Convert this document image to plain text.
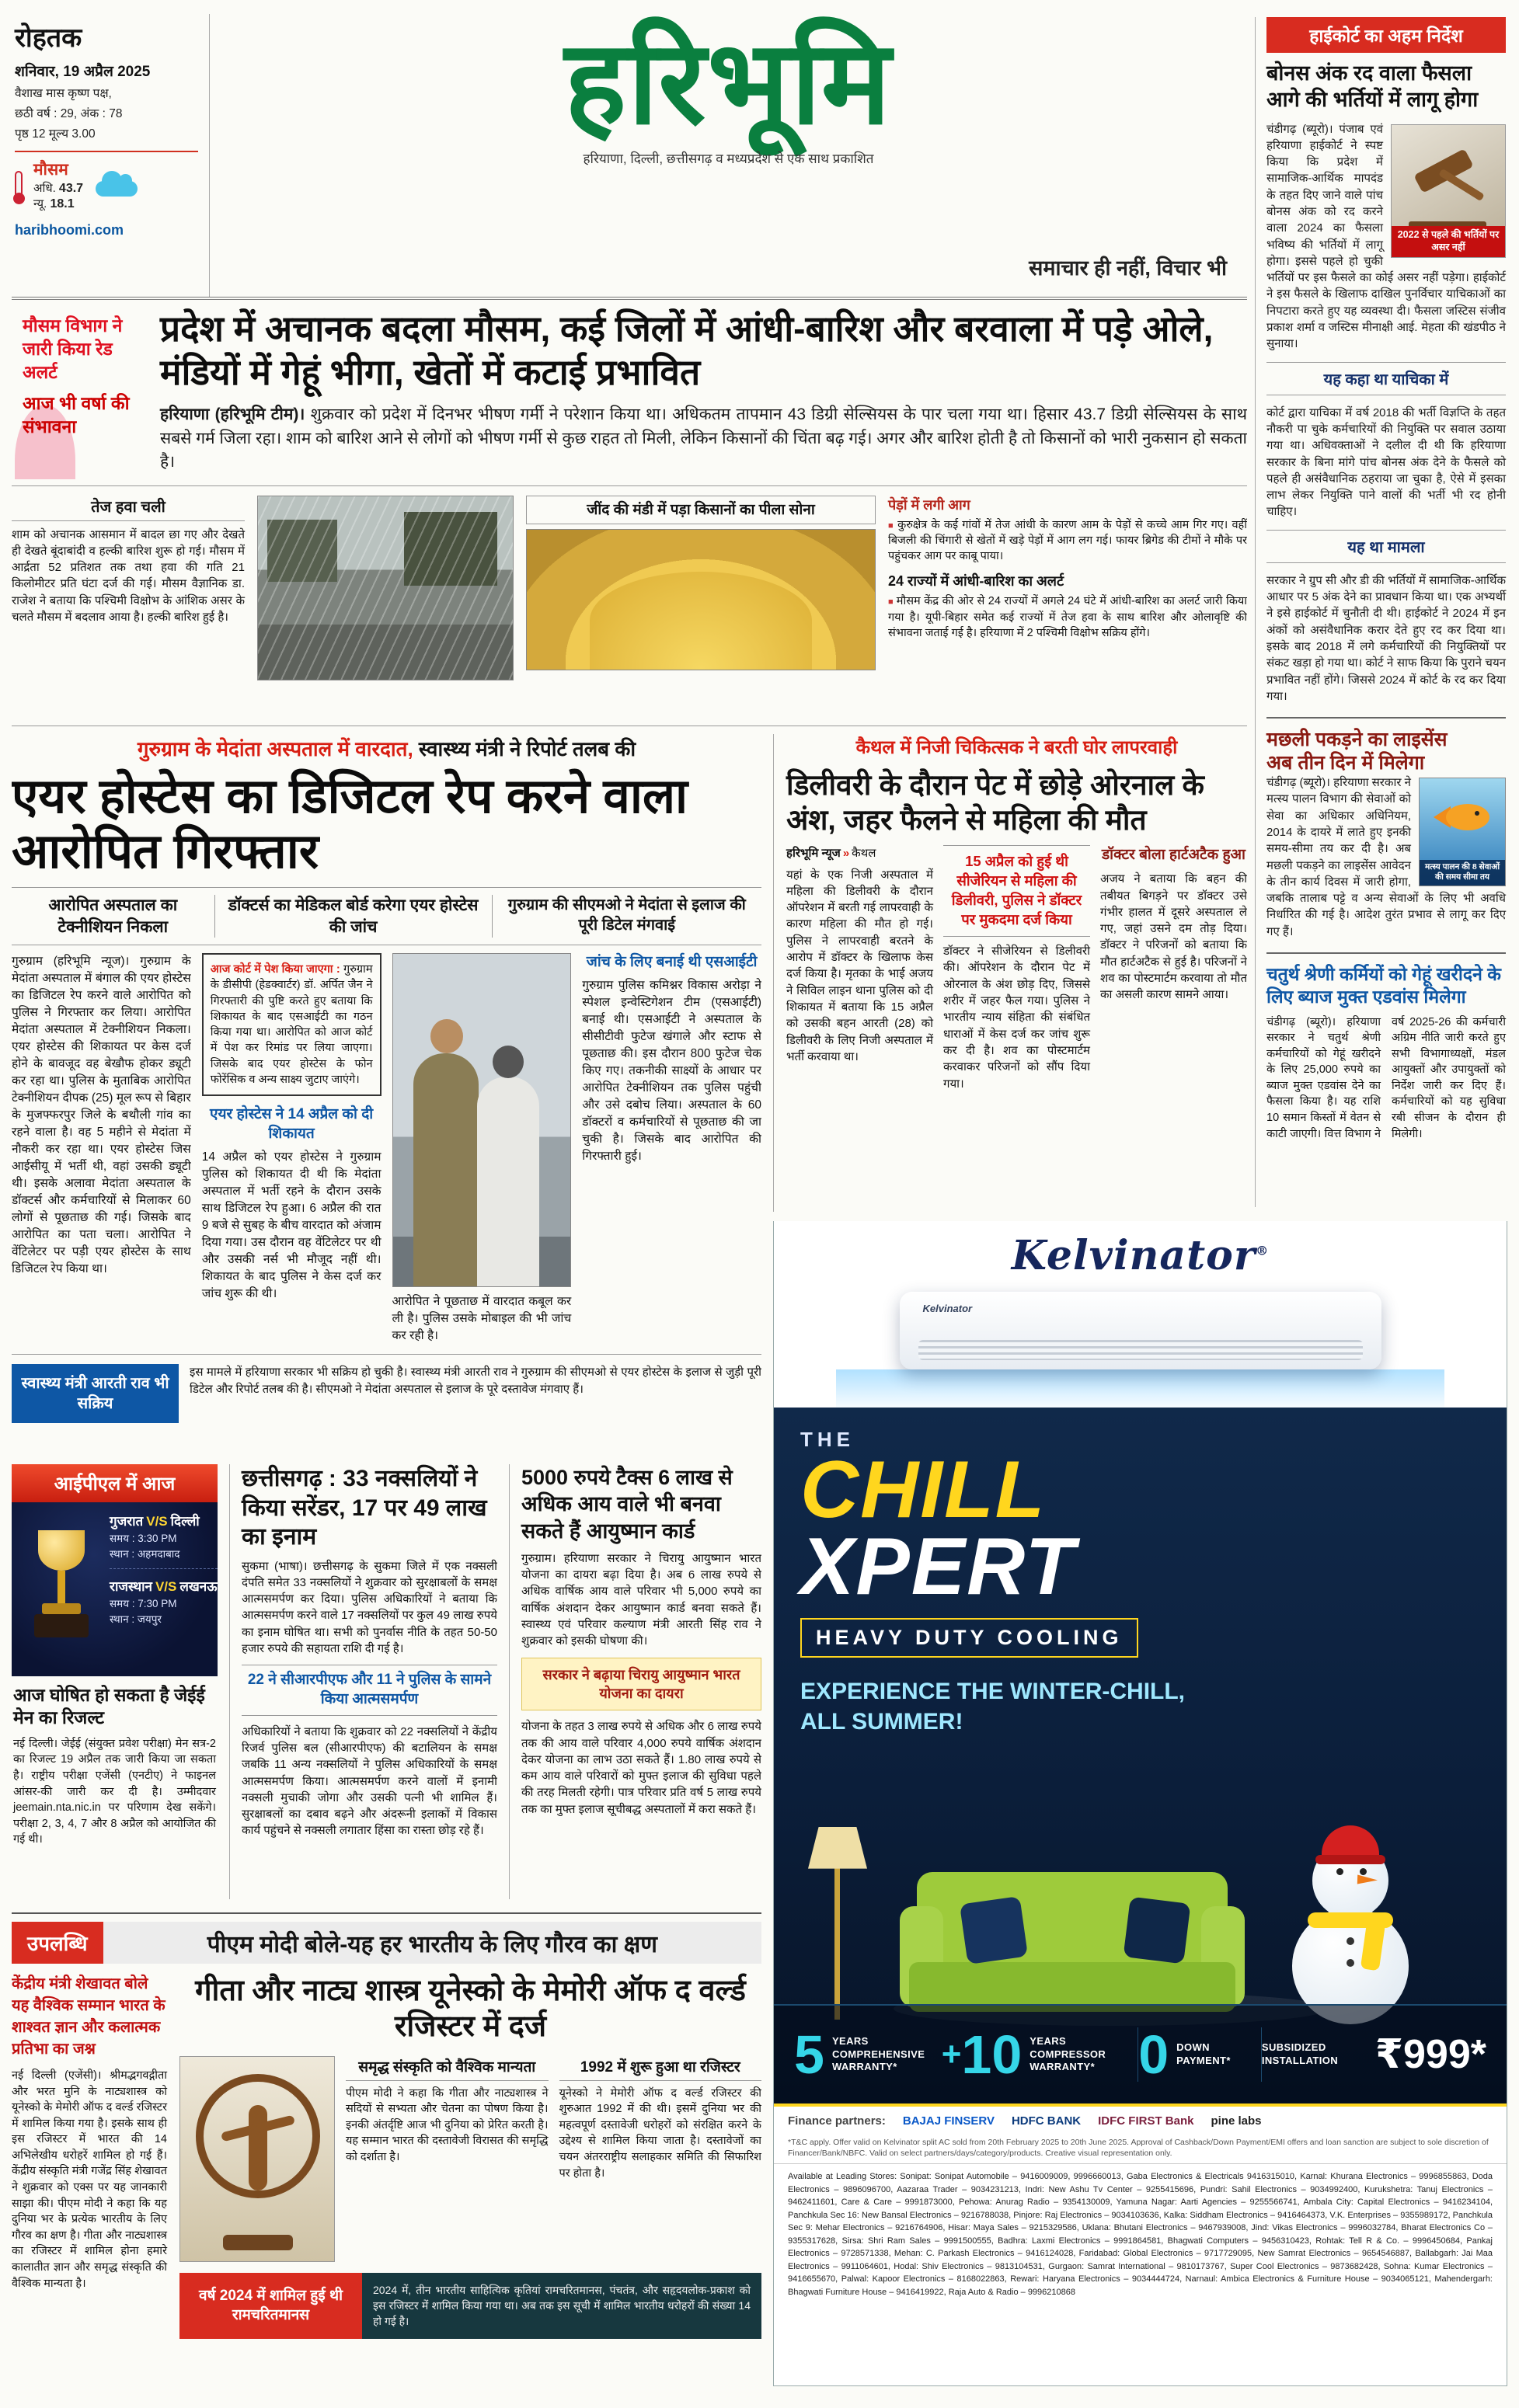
रोहतक
शनिवार, 19 अप्रैल 2025
वैशाख मास कृष्ण पक्ष,
छठी वर्ष : 29, अंक : 78
पृष्ठ 12 मूल्य 3.00
मौसम
अधि. 43.7
न्यू. 18.1
haribhoomi.com
हरिभूमि
हरियाणा, दिल्ली, छत्तीसगढ़ व मध्यप्रदेश से एक साथ प्रकाशित
समाचार ही नहीं, विचार भी
हाईकोर्ट का अहम निर्देश
बोनस अंक रद वाला फैसला आगे की भर्तियों में लागू होगा
2022 से पहले की भर्तियों पर असर नहीं

चंडीगढ़ (ब्यूरो)। पंजाब एवं हरियाणा हाईकोर्ट ने स्पष्ट किया कि प्रदेश में सामाजिक-आर्थिक मापदंड के तहत दिए जाने वाले पांच बोनस अंक को रद करने वाला 2024 का फैसला भविष्य की भर्तियों में लागू होगा। इससे पहले हो चुकी भर्तियों पर इस फैसले का कोई असर नहीं पड़ेगा। हाईकोर्ट ने इस फैसले के खिलाफ दाखिल पुनर्विचार याचिकाओं का निपटारा करते हुए यह व्यवस्था दी। फैसला जस्टिस संजीव प्रकाश शर्मा व जस्टिस मीनाक्षी आई. मेहता की खंडपीठ ने सुनाया।

यह कहा था याचिका में

कोर्ट द्वारा याचिका में वर्ष 2018 की भर्ती विज्ञप्ति के तहत नौकरी पा चुके कर्मचारियों की नियुक्ति पर सवाल उठाया गया था। अधिवक्ताओं ने दलील दी थी कि हरियाणा सरकार के बिना मांगे पांच बोनस अंक देने के फैसले को पहले ही असंवैधानिक ठहराया जा चुका है, ऐसे में इसका लाभ लेकर नियुक्ति पाने वालों की भर्ती भी रद होनी चाहिए।

यह था मामला

सरकार ने ग्रुप सी और डी की भर्तियों में सामाजिक-आर्थिक आधार पर 5 अंक देने का प्रावधान किया था। एक अभ्यर्थी ने इसे हाईकोर्ट में चुनौती दी थी। हाईकोर्ट ने 2024 में इन अंकों को असंवैधानिक करार देते हुए रद कर दिया था। इसके बाद 2018 में लगे कर्मचारियों की नियुक्तियों पर संकट खड़ा हो गया था। कोर्ट ने साफ किया कि पुराने चयन प्रभावित नहीं होंगे। जिससे 2024 में कोर्ट के रद कर दिया गया।

मछली पकड़ने का लाइसेंस
अब तीन दिन में मिलेगा
मत्स्य पालन की 8 सेवाओं की समय सीमा तय

चंडीगढ़ (ब्यूरो)। हरियाणा सरकार ने मत्स्य पालन विभाग की सेवाओं को सेवा का अधिकार अधिनियम, 2014 के दायरे में लाते हुए इनकी समय-सीमा तय कर दी है। अब मछली पकड़ने का लाइसेंस आवेदन के तीन कार्य दिवस में जारी होगा, जबकि तालाब पट्टे व अन्य सेवाओं के लिए भी अवधि निर्धारित की गई है। आदेश तुरंत प्रभाव से लागू कर दिए गए हैं।

चतुर्थ श्रेणी कर्मियों को गेहूं खरीदने के लिए ब्याज मुक्त एडवांस मिलेगा

चंडीगढ़ (ब्यूरो)। हरियाणा सरकार ने चतुर्थ श्रेणी कर्मचारियों को गेहूं खरीदने के लिए 25,000 रुपये का ब्याज मुक्त एडवांस देने का फैसला किया है। यह राशि 10 समान किस्तों में वेतन से काटी जाएगी। वित्त विभाग ने वर्ष 2025-26 की कर्मचारी अग्रिम नीति जारी करते हुए सभी विभागाध्यक्षों, मंडल आयुक्तों और उपायुक्तों को निर्देश जारी कर दिए हैं। कर्मचारियों को यह सुविधा रबी सीजन के दौरान ही मिलेगी।

मौसम विभाग ने जारी किया रेड अलर्ट
आज भी वर्षा की संभावना
प्रदेश में अचानक बदला मौसम, कई जिलों में आंधी-बारिश और बरवाला में पड़े ओले, मंडियों में गेहूं भीगा, खेतों में कटाई प्रभावित

हरियाणा (हरिभूमि टीम)। शुक्रवार को प्रदेश में दिनभर भीषण गर्मी ने परेशान किया था। अधिकतम तापमान 43 डिग्री सेल्सियस के पार चला गया था। हिसार 43.7 डिग्री सेल्सियस के साथ सबसे गर्म जिला रहा। शाम को बारिश आने से लोगों को भीषण गर्मी से कुछ राहत तो मिली, लेकिन किसानों की चिंता बढ़ गई। अगर और बारिश होती है तो किसानों को भारी नुकसान हो सकता है।

तेज हवा चली

शाम को अचानक आसमान में बादल छा गए और देखते ही देखते बूंदाबांदी व हल्की बारिश शुरू हो गई। मौसम में आर्द्रता 52 प्रतिशत तक तथा हवा की गति 21 किलोमीटर प्रति घंटा दर्ज की गई। मौसम वैज्ञानिक डा. राजेश ने बताया कि पश्चिमी विक्षोभ के आंशिक असर के चलते मौसम में बदलाव आया है। हल्की बारिश हुई है।

जींद की मंडी में पड़ा किसानों का पीला सोना	पेड़ों में लगी आग

■ कुरुक्षेत्र के कई गांवों में तेज आंधी के कारण आम के पेड़ों से कच्चे आम गिर गए। वहीं बिजली की चिंगारी से खेतों में खड़े पेड़ों में आग लग गई। फायर ब्रिगेड की टीमों ने मौके पर पहुंचकर आग पर काबू पाया।

24 राज्यों में आंधी-बारिश का अलर्ट

■ मौसम केंद्र की ओर से 24 राज्यों में अगले 24 घंटे में आंधी-बारिश का अलर्ट जारी किया गया है। यूपी-बिहार समेत कई राज्यों में तेज हवा के साथ बारिश और ओलावृष्टि की संभावना जताई गई है। हरियाणा में 2 पश्चिमी विक्षोभ सक्रिय होंगे।

गुरुग्राम के मेदांता अस्पताल में वारदात, स्वास्थ्य मंत्री ने रिपोर्ट तलब की
एयर होस्टेस का डिजिटल रेप करने वाला आरोपित गिरफ्तार
आरोपित अस्पताल का टेक्नीशियन निकला
डॉक्टर्स का मेडिकल बोर्ड करेगा एयर होस्टेस की जांच
गुरुग्राम की सीएमओ ने मेदांता से इलाज की पूरी डिटेल मंगवाई
गुरुग्राम (हरिभूमि न्यूज)। गुरुग्राम के मेदांता अस्पताल में बंगाल की एयर होस्टेस का डिजिटल रेप करने वाले आरोपित को पुलिस ने गिरफ्तार कर लिया। आरोपित मेदांता अस्पताल में टेक्नीशियन निकला। एयर होस्टेस की शिकायत पर केस दर्ज होने के बावजूद वह बेखौफ होकर ड्यूटी कर रहा था। पुलिस के मुताबिक आरोपित टेक्नीशियन दीपक (25) मूल रूप से बिहार के मुजफ्फरपुर जिले के बथौली गांव का रहने वाला है। वह 5 महीने से मेदांता में नौकरी कर रहा था। एयर होस्टेस जिस आईसीयू में भर्ती थी, वहां उसकी ड्यूटी थी। इसके अलावा मेदांता अस्पताल के डॉक्टर्स और कर्मचारियों से मिलाकर 60 लोगों से पूछताछ की गई। जिसके बाद आरोपित का पता चला। आरोपित ने वेंटिलेटर पर पड़ी एयर होस्टेस के साथ डिजिटल रेप किया था।
आज कोर्ट में पेश किया जाएगा : गुरुग्राम के डीसीपी (हेडक्वार्टर) डॉ. अर्पित जैन ने गिरफ्तारी की पुष्टि करते हुए बताया कि शिकायत के बाद एसआईटी का गठन किया गया था। आरोपित को आज कोर्ट में पेश कर रिमांड पर लिया जाएगा। जिसके बाद एयर होस्टेस के फोन फोरेंसिक व अन्य साक्ष्य जुटाए जाएंगे।
एयर होस्टेस ने 14 अप्रैल को दी शिकायत

14 अप्रैल को एयर होस्टेस ने गुरुग्राम पुलिस को शिकायत दी थी कि मेदांता अस्पताल में भर्ती रहने के दौरान उसके साथ डिजिटल रेप हुआ। 6 अप्रैल की रात 9 बजे से सुबह के बीच वारदात को अंजाम दिया गया। उस दौरान वह वेंटिलेटर पर थी और उसकी नर्स भी मौजूद नहीं थी। शिकायत के बाद पुलिस ने केस दर्ज कर जांच शुरू की थी।

आरोपित ने पूछताछ में वारदात कबूल कर ली है। पुलिस उसके मोबाइल की भी जांच कर रही है।

जांच के लिए बनाई थी एसआईटी

गुरुग्राम पुलिस कमिश्नर विकास अरोड़ा ने स्पेशल इन्वेस्टिगेशन टीम (एसआईटी) बनाई थी। एसआईटी ने अस्पताल के सीसीटीवी फुटेज खंगाले और स्टाफ से पूछताछ की। इस दौरान 800 फुटेज चेक किए गए। तकनीकी साक्ष्यों के आधार पर आरोपित टेक्नीशियन तक पुलिस पहुंची और उसे दबोच लिया। अस्पताल के 60 डॉक्टरों व कर्मचारियों से पूछताछ की जा चुकी है। जिसके बाद आरोपित की गिरफ्तारी हुई।

स्वास्थ्य मंत्री आरती राव भी सक्रिय

इस मामले में हरियाणा सरकार भी सक्रिय हो चुकी है। स्वास्थ्य मंत्री आरती राव ने गुरुग्राम की सीएमओ से एयर होस्टेस के इलाज से जुड़ी पूरी डिटेल और रिपोर्ट तलब की है। सीएमओ ने मेदांता अस्पताल से इलाज के पूरे दस्तावेज मंगवाए हैं।

कैथल में निजी चिकित्सक ने बरती घोर लापरवाही
डिलीवरी के दौरान पेट में छोड़े ओरनाल के अंश, जहर फैलने से महिला की मौत

हरिभूमि न्यूज » कैथल

यहां के एक निजी अस्पताल में महिला की डिलीवरी के दौरान ऑपरेशन में बरती गई लापरवाही के कारण महिला की मौत हो गई। पुलिस ने लापरवाही बरतने के आरोप में डॉक्टर के खिलाफ केस दर्ज किया है। मृतका के भाई अजय ने सिविल लाइन थाना पुलिस को दी शिकायत में बताया कि 15 अप्रैल को उसकी बहन आरती (28) को डिलीवरी के लिए निजी अस्पताल में भर्ती करवाया था।

15 अप्रैल को हुई थी सीजेरियन से महिला की डिलीवरी, पुलिस ने डॉक्टर पर मुकदमा दर्ज किया

डॉक्टर ने सीजेरियन से डिलीवरी की। ऑपरेशन के दौरान पेट में ओरनाल के अंश छोड़ दिए, जिससे शरीर में जहर फैल गया। पुलिस ने भारतीय न्याय संहिता की संबंधित धाराओं में केस दर्ज कर जांच शुरू कर दी है। शव का पोस्टमार्टम करवाकर परिजनों को सौंप दिया गया।

डॉक्टर बोला हार्टअटैक हुआ

अजय ने बताया कि बहन की तबीयत बिगड़ने पर डॉक्टर उसे गंभीर हालत में दूसरे अस्पताल ले गए, जहां उसने दम तोड़ दिया। डॉक्टर ने परिजनों को बताया कि मौत हार्टअटैक से हुई है। परिजनों ने शव का पोस्टमार्टम करवाया तो मौत का असली कारण सामने आया।

आईपीएल में आज
गुजरात V/S दिल्ली
समय : 3:30 PM
स्थान : अहमदाबाद
राजस्थान V/S लखनऊ
समय : 7:30 PM
स्थान : जयपुर
आज घोषित हो सकता है जेईई मेन का रिजल्ट

नई दिल्ली। जेईई (संयुक्त प्रवेश परीक्षा) मेन सत्र-2 का रिजल्ट 19 अप्रैल तक जारी किया जा सकता है। राष्ट्रीय परीक्षा एजेंसी (एनटीए) ने फाइनल आंसर-की जारी कर दी है। उम्मीदवार jeemain.nta.nic.in पर परिणाम देख सकेंगे। परीक्षा 2, 3, 4, 7 और 8 अप्रैल को आयोजित की गई थी।

छत्तीसगढ़ : 33 नक्सलियों ने किया सरेंडर, 17 पर 49 लाख का इनाम

सुकमा (भाषा)। छत्तीसगढ़ के सुकमा जिले में एक नक्सली दंपति समेत 33 नक्सलियों ने शुक्रवार को सुरक्षाबलों के समक्ष आत्मसमर्पण कर दिया। पुलिस अधिकारियों ने बताया कि आत्मसमर्पण करने वाले 17 नक्सलियों पर कुल 49 लाख रुपये का इनाम घोषित था। सभी को पुनर्वास नीति के तहत 50-50 हजार रुपये की सहायता राशि दी गई है।

22 ने सीआरपीएफ और 11 ने पुलिस के सामने किया आत्मसमर्पण

अधिकारियों ने बताया कि शुक्रवार को 22 नक्सलियों ने केंद्रीय रिजर्व पुलिस बल (सीआरपीएफ) की बटालियन के समक्ष जबकि 11 अन्य नक्सलियों ने पुलिस अधिकारियों के समक्ष आत्मसमर्पण किया। आत्मसमर्पण करने वालों में इनामी नक्सली मुचाकी जोगा और उसकी पत्नी भी शामिल हैं। सुरक्षाबलों का दबाव बढ़ने और अंदरूनी इलाकों में विकास कार्य पहुंचने से नक्सली लगातार हिंसा का रास्ता छोड़ रहे हैं।

5000 रुपये टैक्स 6 लाख से अधिक आय वाले भी बनवा सकते हैं आयुष्मान कार्ड

गुरुग्राम। हरियाणा सरकार ने चिरायु आयुष्मान भारत योजना का दायरा बढ़ा दिया है। अब 6 लाख रुपये से अधिक वार्षिक आय वाले परिवार भी 5,000 रुपये का वार्षिक अंशदान देकर आयुष्मान कार्ड बनवा सकते हैं। स्वास्थ्य एवं परिवार कल्याण मंत्री आरती सिंह राव ने शुक्रवार को इसकी घोषणा की।

सरकार ने बढ़ाया चिरायु आयुष्मान भारत योजना का दायरा

योजना के तहत 3 लाख रुपये से अधिक और 6 लाख रुपये तक की आय वाले परिवार 4,000 रुपये वार्षिक अंशदान देकर योजना का लाभ उठा सकते हैं। 1.80 लाख रुपये से कम आय वाले परिवारों को मुफ्त इलाज की सुविधा पहले की तरह मिलती रहेगी। पात्र परिवार प्रति वर्ष 5 लाख रुपये तक का मुफ्त इलाज सूचीबद्ध अस्पतालों में करा सकते हैं।

उपलब्धि	पीएम मोदी बोले-यह हर भारतीय के लिए गौरव का क्षण
केंद्रीय मंत्री शेखावत बोले यह वैश्विक सम्मान भारत के शाश्वत ज्ञान और कलात्मक प्रतिभा का जश्न

नई दिल्ली (एजेंसी)। श्रीमद्भगवद्गीता और भरत मुनि के नाट्यशास्त्र को यूनेस्को के मेमोरी ऑफ द वर्ल्ड रजिस्टर में शामिल किया गया है। इसके साथ ही इस रजिस्टर में भारत की 14 अभिलेखीय धरोहरें शामिल हो गई हैं। केंद्रीय संस्कृति मंत्री गजेंद्र सिंह शेखावत ने शुक्रवार को एक्स पर यह जानकारी साझा की। पीएम मोदी ने कहा कि यह दुनिया भर के प्रत्येक भारतीय के लिए गौरव का क्षण है। गीता और नाट्यशास्त्र का रजिस्टर में शामिल होना हमारे कालातीत ज्ञान और समृद्ध संस्कृति की वैश्विक मान्यता है।

गीता और नाट्य शास्त्र यूनेस्को के मेमोरी ऑफ द वर्ल्ड रजिस्टर में दर्ज
समृद्ध संस्कृति को वैश्विक मान्यता

पीएम मोदी ने कहा कि गीता और नाट्यशास्त्र ने सदियों से सभ्यता और चेतना का पोषण किया है। इनकी अंतर्दृष्टि आज भी दुनिया को प्रेरित करती है। यह सम्मान भारत की दस्तावेजी विरासत की समृद्धि को दर्शाता है।

1992 में शुरू हुआ था रजिस्टर

यूनेस्को ने मेमोरी ऑफ द वर्ल्ड रजिस्टर की शुरुआत 1992 में की थी। इसमें दुनिया भर की महत्वपूर्ण दस्तावेजी धरोहरों को संरक्षित करने के उद्देश्य से शामिल किया जाता है। दस्तावेजों का चयन अंतरराष्ट्रीय सलाहकार समिति की सिफारिश पर होता है।

वर्ष 2024 में शामिल हुई थी रामचरितमानस
2024 में, तीन भारतीय साहित्यिक कृतियां रामचरितमानस, पंचतंत्र, और सहृदयलोक-प्रकाश को इस रजिस्टर में शामिल किया गया था। अब तक इस सूची में शामिल भारतीय धरोहरों की संख्या 14 हो गई है।
Kelvinator®
Kelvinator
THE
CHILL
XPERT
HEAVY DUTY COOLING
EXPERIENCE THE WINTER-CHILL,
ALL SUMMER!
5 YEARS COMPREHENSIVE WARRANTY*	+ 10 YEARS COMPRESSOR WARRANTY* 0 DOWN PAYMENT*
SUBSIDIZED INSTALLATION ₹999*
Finance partners: BAJAJ FINSERV HDFC BANK IDFC FIRST Bank pine labs
*T&C apply. Offer valid on Kelvinator split AC sold from 20th February 2025 to 20th June 2025. Approval of Cashback/Down Payment/EMI offers and loan sanction are subject to sole discretion of Financer/Bank/NBFC. Valid on select partners/days/category/products. Creative visual representation only.
Available at Leading Stores: Sonipat: Sonipat Automobile – 9416009009, 9996660013, Gaba Electronics & Electricals 9416315010, Karnal: Khurana Electronics – 9996855863, Doda Electronics – 9896096700, Aazaraa Trader – 9034231213, Indri: New Ashu Tv Center – 9255415696, Pundri: Sahil Electronics – 9034992400, Kurukshetra: Tanuj Electronics – 9462411601, Care & Care – 9991873000, Pehowa: Anurag Radio – 9354130009, Yamuna Nagar: Aarti Agencies – 9255566741, Ambala City: Capital Electronics – 9416234104, Panchkula Sec 16: New Bansal Electronics – 9216788038, Pinjore: Raj Electronics – 9034103636, Kalka: Siddham Electronics – 9416464373, V.K. Enterprises – 9355989172, Panchkula Sec 9: Mehar Electronics – 9216764906, Hisar: Maya Sales – 9215329586, Uklana: Bhutani Electronics – 9467939008, Jind: Vikas Electronics – 9996032784, Bharat Electronics Co – 9355317628, Sirsa: Shri Ram Sales – 9991500555, Badhra: Laxmi Electronics – 9991864581, Bhagwati Computers – 9456310423, Rohtak: Tell R & Co. – 9996450684, Pankaj Electronics – 9728571338, Mehan: C. Parkash Electronics – 9416124028, Faridabad: Global Electronics – 9717729095, New Samrat Electronics – 9654546887, Ballabgarh: Jai Maa Electronics – 9911064601, Hodal: Shiv Electronics – 9813104531, Gurgaon: Samrat International – 9810173767, Super Cool Electronics – 9873682428, Sohna: Kumar Electronics – 9416655670, Palwal: Kapoor Electronics – 8168022863, Rewari: Haryana Electronics – 9034444724, Narnaul: Ambica Electronics & Furniture House – 9034065121, Mahendergarh: Bhagwati Furniture House – 9416419922, Raja Auto & Radio – 9996210868
